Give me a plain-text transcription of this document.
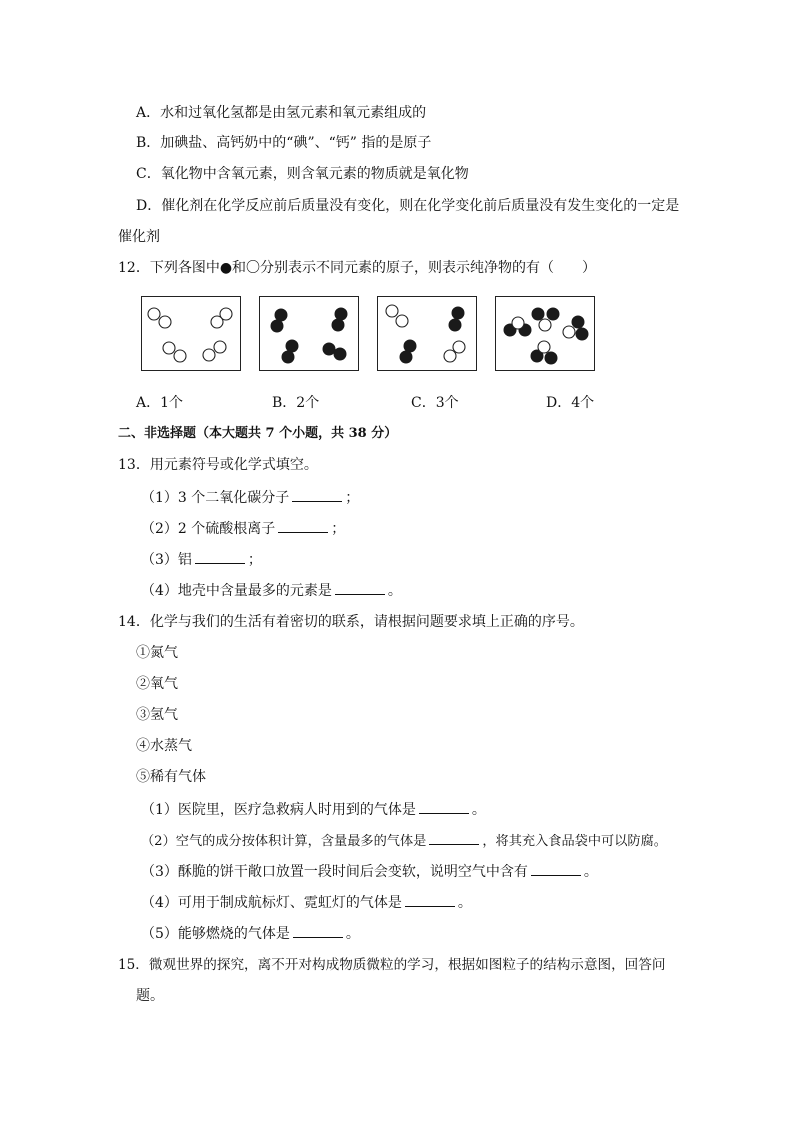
A．水和过氧化氢都是由氢元素和氧元素组成的
B．加碘盐、高钙奶中的“碘”、“钙” 指的是原子
C．氧化物中含氧元素，则含氧元素的物质就是氧化物
D．催化剂在化学反应前后质量没有变化，则在化学变化前后质量没有发生变化的一定是
催化剂
12．下列各图中●和〇分别表示不同元素的原子，则表示纯净物的有（　　）
A．1个	B．2个	C．3个	D．4个
二、非选择题（本大题共 7 个小题，共 38 分）
13．用元素符号或化学式填空。
（1）3 个二氧化碳分子	；
（2）2 个硫酸根离子	；
（3）铝	；
（4）地壳中含量最多的元素是	。
14．化学与我们的生活有着密切的联系，请根据问题要求填上正确的序号。
①氮气
②氧气
③氢气
④水蒸气
⑤稀有气体
（1）医院里，医疗急救病人时用到的气体是	。
（2）空气的成分按体积计算，含量最多的气体是	，将其充入食品袋中可以防腐。
（3）酥脆的饼干敞口放置一段时间后会变软，说明空气中含有	。
（4）可用于制成航标灯、霓虹灯的气体是	。
（5）能够燃烧的气体是	。
15．微观世界的探究，离不开对构成物质微粒的学习，根据如图粒子的结构示意图，回答问
题。
